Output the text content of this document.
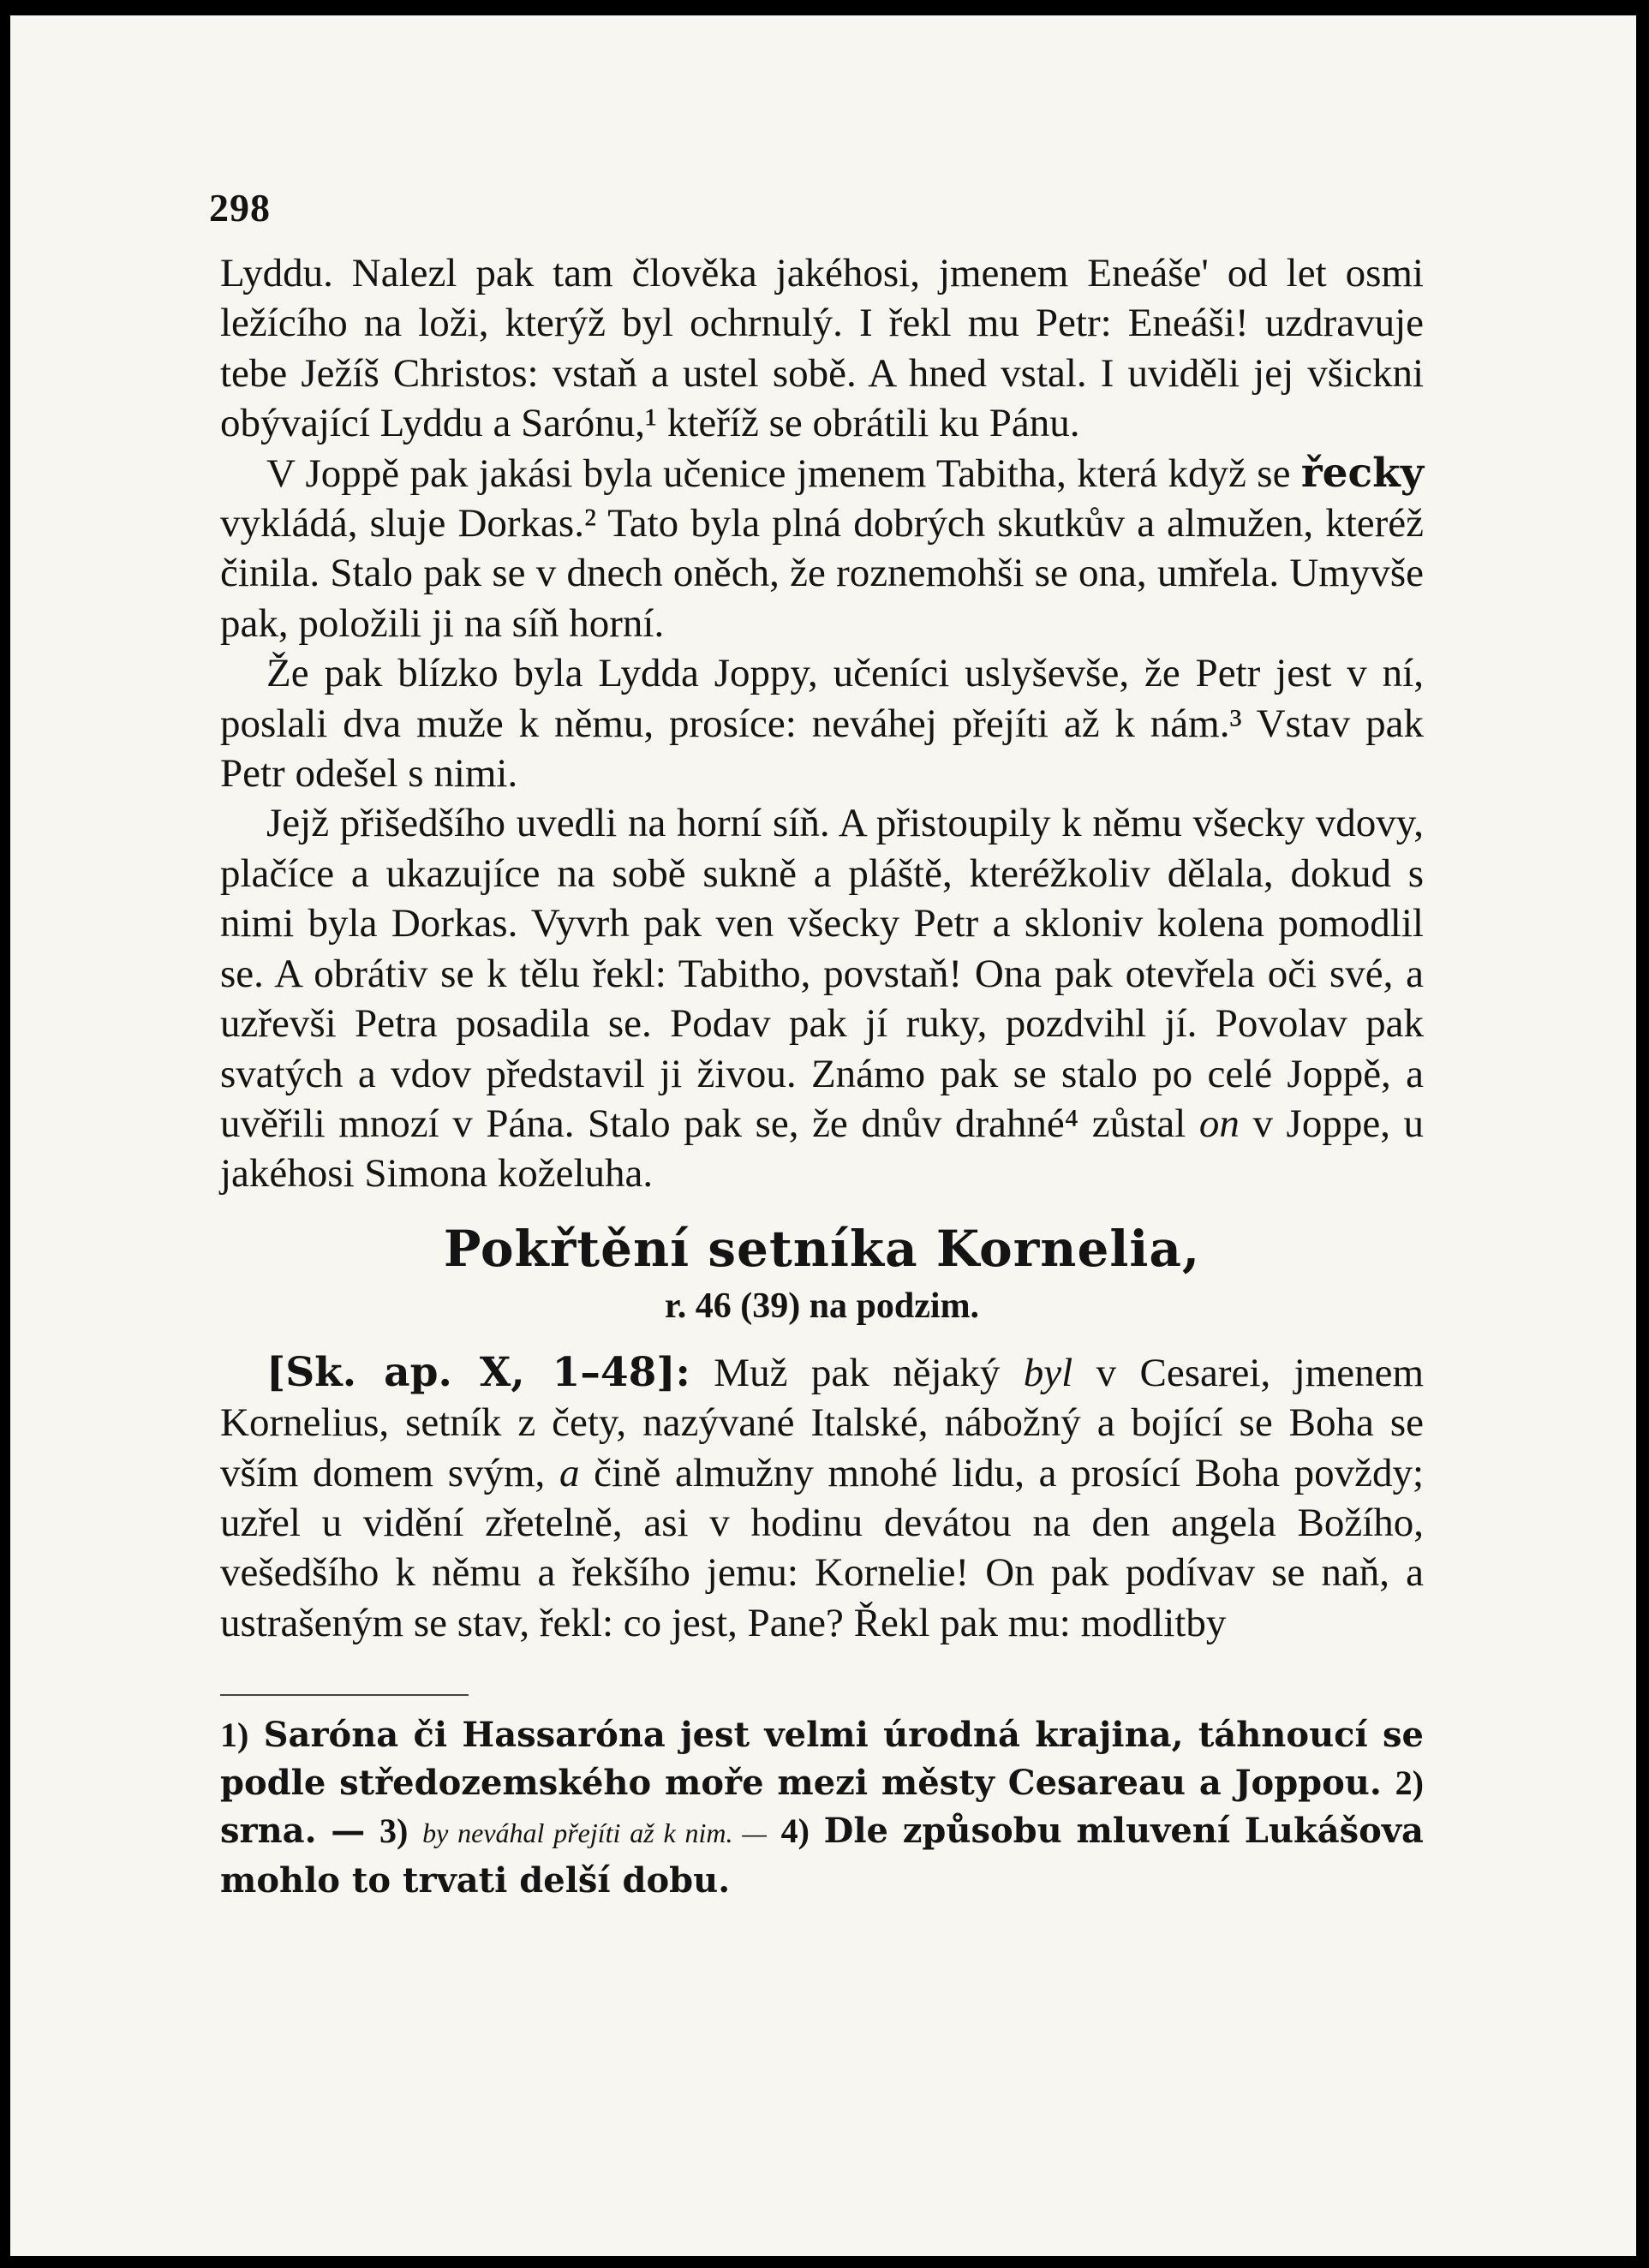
298

Lyddu. Nalezl pak tam člověka jakéhosi, jmenem Eneáše' od let osmi ležícího na loži, kterýž byl ochrnulý. I řekl mu Petr: Eneáši! uzdravuje tebe Ježíš Christos: vstaň a ustel sobě. A hned vstal. I uviděli jej všickni obývající Lyddu a Sarónu,¹ kteříž se obrátili ku Pánu.

V Joppě pak jakási byla učenice jmenem Tabitha, která když se řecky vykládá, sluje Dorkas.² Tato byla plná dobrých skutkův a almužen, kteréž činila. Stalo pak se v dnech oněch, že roznemohši se ona, umřela. Umyvše pak, položili ji na síň horní.

Že pak blízko byla Lydda Joppy, učeníci uslyševše, že Petr jest v ní, poslali dva muže k němu, prosíce: neváhej přejíti až k nám.³ Vstav pak Petr odešel s nimi.

Jejž přišedšího uvedli na horní síň. A přistoupily k němu všecky vdovy, plačíce a ukazujíce na sobě sukně a pláště, kteréžkoliv dělala, dokud s nimi byla Dorkas. Vyvrh pak ven všecky Petr a skloniv kolena pomodlil se. A obrátiv se k tělu řekl: Tabitho, povstaň! Ona pak otevřela oči své, a uzřevši Petra posadila se. Podav pak jí ruky, pozdvihl jí. Povolav pak svatých a vdov představil ji živou. Známo pak se stalo po celé Joppě, a uvěřili mnozí v Pána. Stalo pak se, že dnův drahné⁴ zůstal on v Joppe, u jakéhosi Simona koželuha.

Pokřtění setníka Kornelia,
r. 46 (39) na podzim.

[Sk. ap. X, 1–48]: Muž pak nějaký byl v Cesarei, jmenem Kornelius, setník z čety, nazývané Italské, nábožný a bojící se Boha se vším domem svým, a čině almužny mnohé lidu, a prosící Boha povždy; uzřel u vidění zřetelně, asi v hodinu devátou na den angela Božího, vešedšího k němu a řekšího jemu: Kornelie! On pak podívav se naň, a ustrašeným se stav, řekl: co jest, Pane? Řekl pak mu: modlitby

1) Saróna či Hassaróna jest velmi úrodná krajina, táhnoucí se podle středozemského moře mezi městy Cesareau a Joppou. 2) srna. — 3) by neváhal přejíti až k nim. — 4) Dle způsobu mluvení Lukášova mohlo to trvati delší dobu.
